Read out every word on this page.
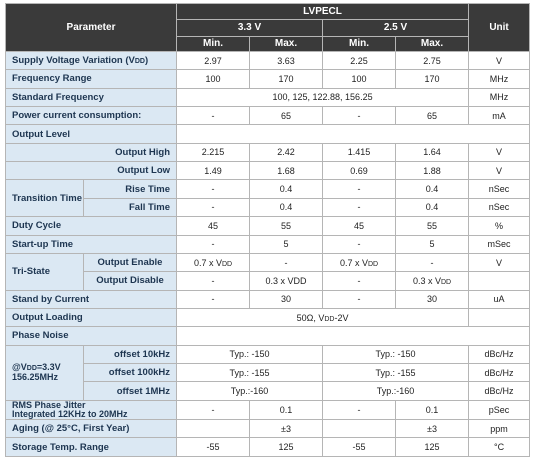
Parameter		LVPECL				Unit
		3.3 V		2.5 V		
		Min.	Max.	Min.	Max.	
Supply Voltage Variation (VDD)		2.97	3.63	2.25	2.75	V
Frequency Range		100	170	100	170	MHz
Standard Frequency		100, 125, 122.88, 156.25				MHz
Power current consumption:		-	65	-	65	mA
Output Level						
Output High		2.215	2.42	1.415	1.64	V
Output Low		1.49	1.68	0.69	1.88	V
Transition Time	Rise Time	-	0.4	-	0.4	nSec
	Fall Time	-	0.4	-	0.4	nSec
Duty Cycle		45	55	45	55	%
Start-up Time		-	5	-	5	mSec
Tri-State	Output Enable	0.7 x VDD	-	0.7 x VDD	-	V
	Output Disable	-	0.3 x VDD	-	0.3 x VDD	
Stand by Current		-	30	-	30	uA
Output Loading		50Ω, VDD-2V				
Phase Noise						

@VDD=3.3V
156.25MHz	offset 10kHz	Typ.: -150		Typ.: -150		dBc/Hz
	offset 100kHz	Typ.: -155		Typ.: -155		dBc/Hz
	offset 1MHz	Typ.:-160		Typ.:-160		dBc/Hz

RMS Phase Jitter
Integrated 12KHz to 20MHz		-	0.1	-	0.1	pSec
Aging (@ 25°C, First Year)			±3		±3	ppm
Storage Temp. Range		-55	125	-55	125	°C
